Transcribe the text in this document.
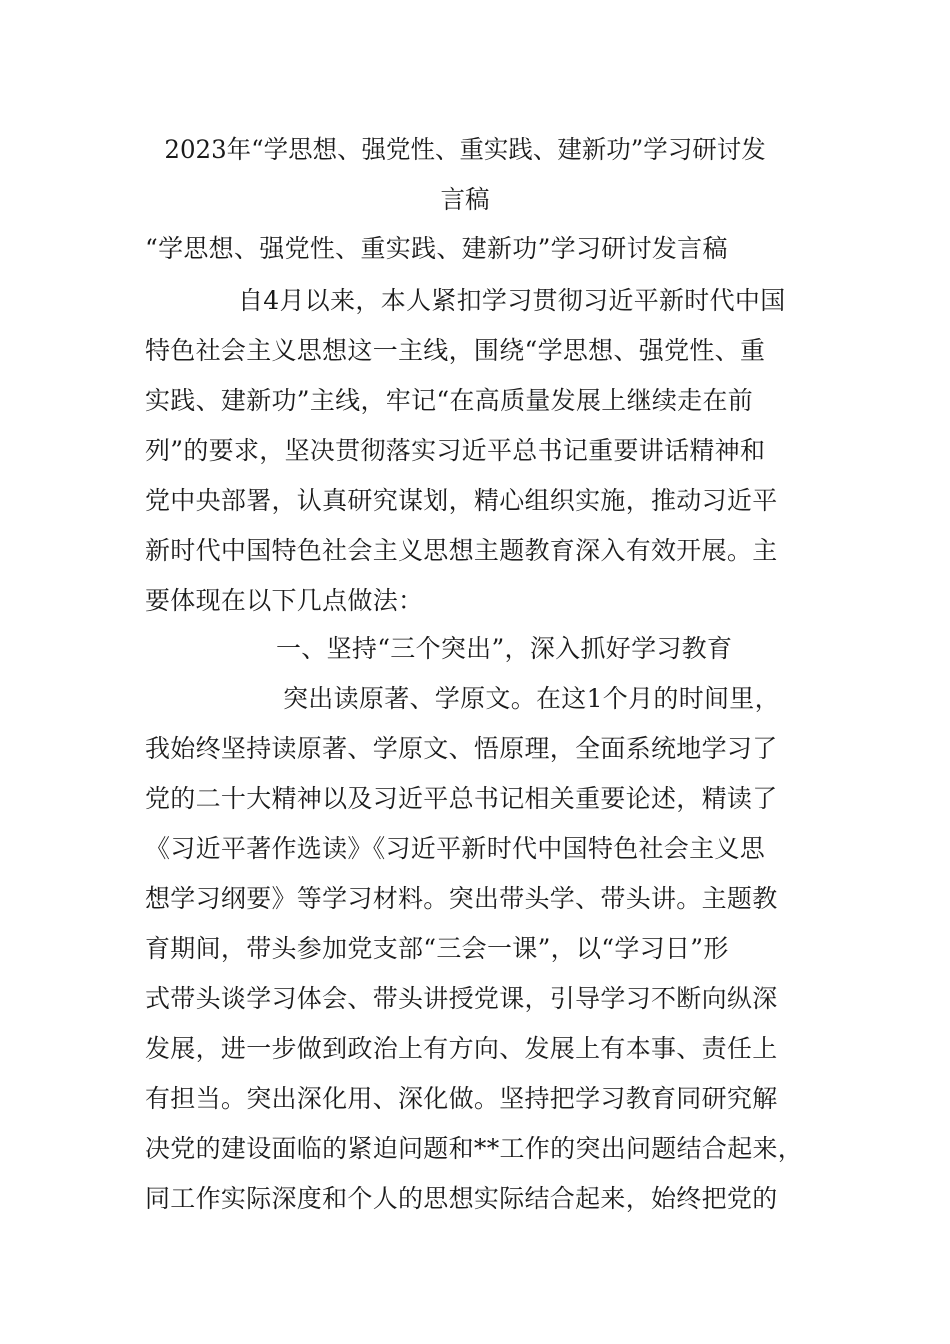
2023年“学思想、强党性、重实践、建新功”学习研讨发
言稿
“学思想、强党性、重实践、建新功”学习研讨发言稿
自4月以来，本人紧扣学习贯彻习近平新时代中国
特色社会主义思想这一主线，围绕“学思想、强党性、重
实践、建新功”主线，牢记“在高质量发展上继续走在前
列”的要求，坚决贯彻落实习近平总书记重要讲话精神和
党中央部署，认真研究谋划，精心组织实施，推动习近平
新时代中国特色社会主义思想主题教育深入有效开展。主
要体现在以下几点做法：
一、坚持“三个突出”，深入抓好学习教育
突出读原著、学原文。在这1个月的时间里，
我始终坚持读原著、学原文、悟原理，全面系统地学习了
党的二十大精神以及习近平总书记相关重要论述，精读了
《习近平著作选读》《习近平新时代中国特色社会主义思
想学习纲要》等学习材料。突出带头学、带头讲。主题教
育期间，带头参加党支部“三会一课”，以“学习日”形
式带头谈学习体会、带头讲授党课，引导学习不断向纵深
发展，进一步做到政治上有方向、发展上有本事、责任上
有担当。突出深化用、深化做。坚持把学习教育同研究解
决党的建设面临的紧迫问题和**工作的突出问题结合起来，
同工作实际深度和个人的思想实际结合起来，始终把党的
